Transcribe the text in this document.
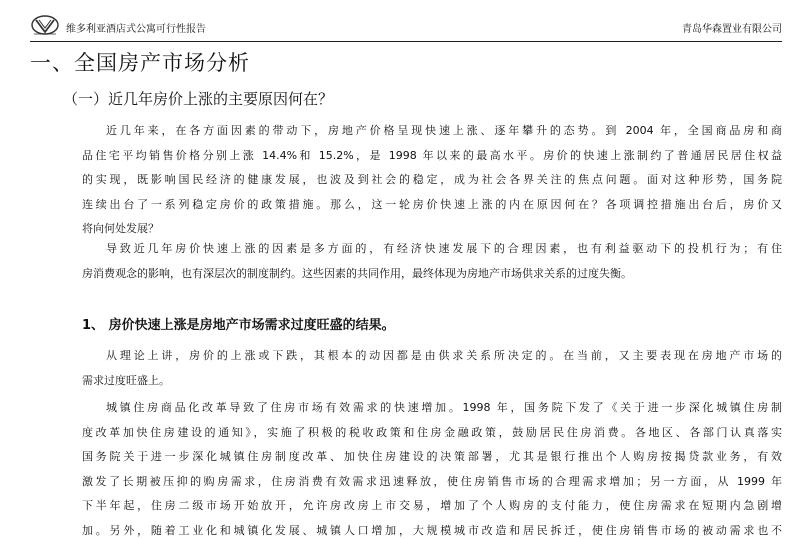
维多利亚酒店式公寓可行性报告	青岛华森置业有限公司
一、全国房产市场分析
（一）近几年房价上涨的主要原因何在？
近几年来，在各方面因素的带动下，房地产价格呈现快速上涨、逐年攀升的态势。到 2004 年，全国商品房和商
品住宅平均销售价格分别上涨 14.4%和 15.2%，是 1998 年以来的最高水平。房价的快速上涨制约了普通居民居住权益
的实现，既影响国民经济的健康发展，也波及到社会的稳定，成为社会各界关注的焦点问题。面对这种形势，国务院
连续出台了一系列稳定房价的政策措施。那么，这一轮房价快速上涨的内在原因何在？各项调控措施出台后，房价又
将向何处发展？
导致近几年房价快速上涨的因素是多方面的，有经济快速发展下的合理因素，也有利益驱动下的投机行为；有住
房消费观念的影响，也有深层次的制度制约。这些因素的共同作用，最终体现为房地产市场供求关系的过度失衡。
1、 房价快速上涨是房地产市场需求过度旺盛的结果。
从理论上讲，房价的上涨或下跌，其根本的动因都是由供求关系所决定的。在当前，又主要表现在房地产市场的
需求过度旺盛上。
城镇住房商品化改革导致了住房市场有效需求的快速增加。1998 年，国务院下发了《关于进一步深化城镇住房制
度改革加快住房建设的通知》，实施了积极的税收政策和住房金融政策，鼓励居民住房消费。各地区、各部门认真落实
国务院关于进一步深化城镇住房制度改革、加快住房建设的决策部署，尤其是银行推出个人购房按揭贷款业务，有效
激发了长期被压抑的购房需求，住房消费有效需求迅速释放，使住房销售市场的合理需求增加；另一方面，从 1999 年
下半年起，住房二级市场开始放开，允许房改房上市交易，增加了个人购房的支付能力，使住房需求在短期内急剧增
加。另外，随着工业化和城镇化发展、城镇人口增加，大规模城市改造和居民拆迁，使住房销售市场的被动需求也不
